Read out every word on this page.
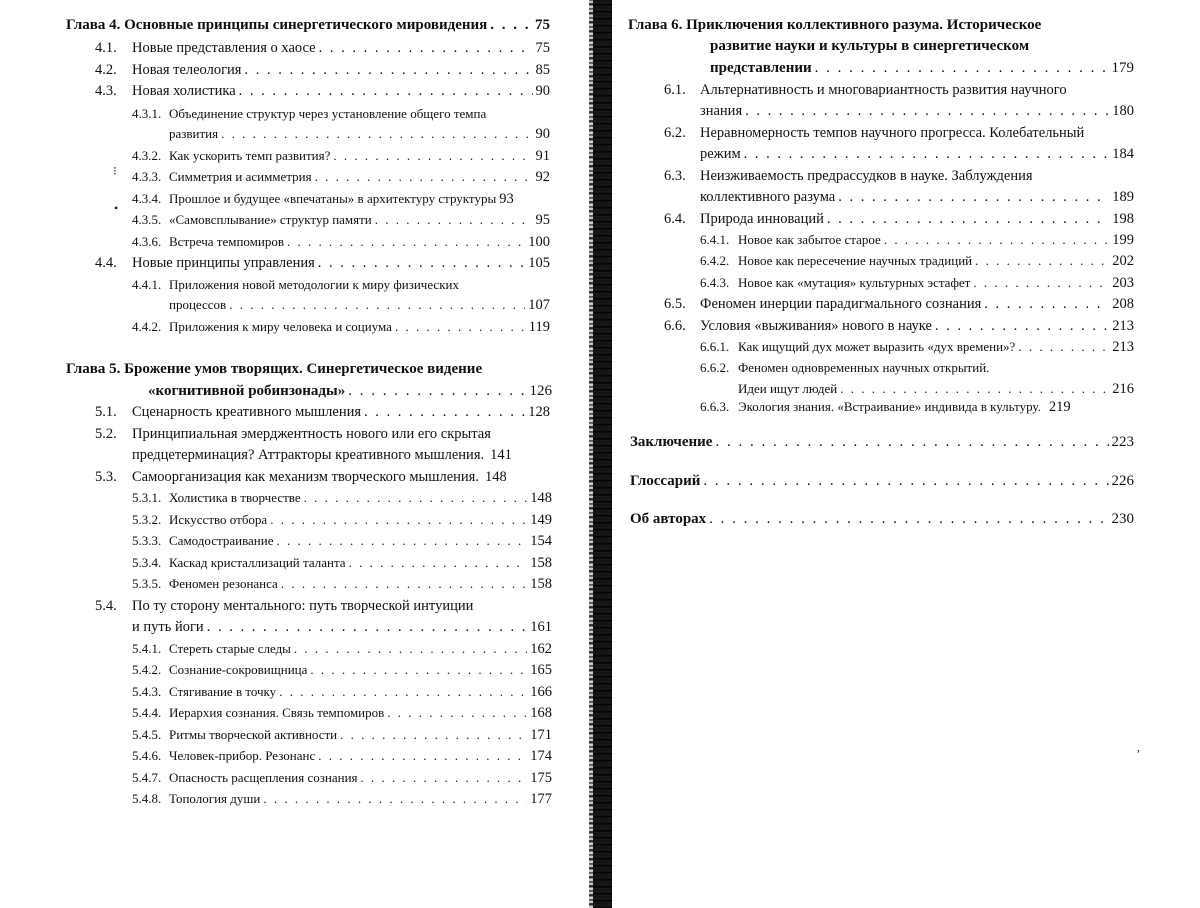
Глава 4. Основные принципы синергетического мировидения . . .	75
4.1.	Новые представления о хаосе . . .	75
4.2.	Новая телеология . . .	85
4.3.	Новая холистика . . .	90
4.3.1. Объединение структур через установление общего темпа
развития . . .	90
4.3.2. Как ускорить темп развития? . . .	91
4.3.3. Симметрия и асимметрия . . .	92
4.3.4. Прошлое и будущее «впечатаны» в архитектуру структуры 93
4.3.5. «Самовсплывание» структур памяти . . .	95
4.3.6. Встреча темпомиров . . .	100
4.4.	Новые принципы управления . . .	105
4.4.1. Приложения новой методологии к миру физических
процессов . . .	107
4.4.2. Приложения к миру человека и социума . . .	119
Глава 5. Брожение умов творящих. Синергетическое видение
«когнитивной робинзонады» . . .	126
5.1.	Сценарность креативного мышления . . .	128
5.2.	Принципиальная эмерджентность нового или его скрытая
предцетерминация? Аттракторы креативного мышления. 141
5.3.	Самоорганизация как механизм творческого мышления. 148
5.3.1. Холистика в творчестве . . .	148
5.3.2. Искусство отбора . . .	149
5.3.3. Самодостраивание . . .	154
5.3.4. Каскад кристаллизаций таланта . . .	158
5.3.5. Феномен резонанса . . .	158
5.4.	По ту сторону ментального: путь творческой интуиции
и путь йоги . . .	161
5.4.1. Стереть старые следы . . .	162
5.4.2. Сознание-сокровищница . . .	165
5.4.3. Стягивание в точку . . .	166
5.4.4. Иерархия сознания. Связь темпомиров . . .	168
5.4.5. Ритмы творческой активности . . .	171
5.4.6. Человек-прибор. Резонанс . . .	174
5.4.7. Опасность расщепления сознания . . .	175
5.4.8. Топология души . . .	177
⁝
•
Глава 6. Приключения коллективного разума. Историческое
развитие науки и культуры в синергетическом
представлении . . .	179
6.1. Альтернативность и многовариантность развития научного
знания . . .	180
6.2. Неравномерность темпов научного прогресса. Колебательный
режим . . .	184
6.3. Неизживаемость предрассудков в науке. Заблуждения
коллективного разума . . .	189
6.4. Природа инноваций . . .	198
6.4.1. Новое как забытое старое . . .	199
6.4.2. Новое как пересечение научных традиций . . .	202
6.4.3. Новое как «мутация» культурных эстафет . . .	203
6.5. Феномен инерции парадигмального сознания . . .	208
6.6. Условия «выживания» нового в науке . . .	213
6.6.1. Как ищущий дух может выразить «дух времени»? . . .	213
6.6.2. Феномен одновременных научных открытий.
Идеи ищут людей . . .	216
6.6.3. Экология знания. «Встраивание» индивида в культуру. 219
Заключение . . .	223
Глоссарий . . .	226
Об авторах . . .	230
,
